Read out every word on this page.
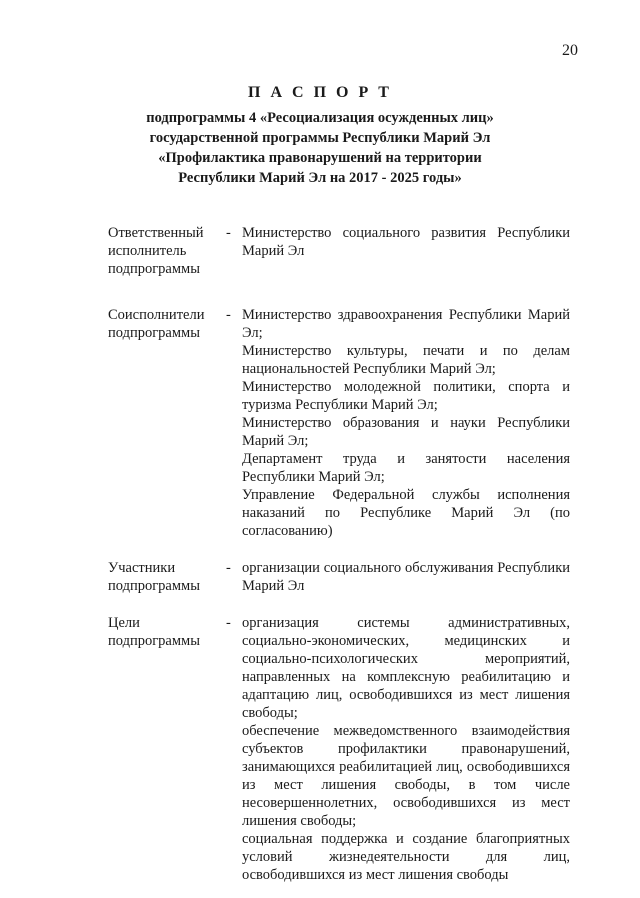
20
П А С П О Р Т
подпрограммы 4 «Ресоциализация осужденных лиц»
государственной программы Республики Марий Эл
«Профилактика правонарушений на территории
Республики Марий Эл на 2017 - 2025 годы»
Ответственный
исполнитель
подпрограммы
- Министерство социального развития Республики Марий Эл
Соисполнители
подпрограммы
- Министерство здравоохранения Республики Марий Эл;
Министерство культуры, печати и по делам национальностей Республики Марий Эл;
Министерство молодежной политики, спорта и туризма Республики Марий Эл;
Министерство образования и науки Республики Марий Эл;
Департамент труда и занятости населения Республики Марий Эл;
Управление Федеральной службы исполнения наказаний по Республике Марий Эл (по согласованию)
Участники
подпрограммы
- организации социального обслуживания Республики Марий Эл
Цели
подпрограммы
- организация системы административных, социально-экономических, медицинских и социально-психологических мероприятий, направленных на комплексную реабилитацию и адаптацию лиц, освободившихся из мест лишения свободы;
обеспечение межведомственного взаимодействия субъектов профилактики правонарушений, занимающихся реабилитацией лиц, освободившихся из мест лишения свободы, в том числе несовершеннолетних, освободившихся из мест лишения свободы;
социальная поддержка и создание благоприятных условий жизнедеятельности для лиц, освободившихся из мест лишения свободы
